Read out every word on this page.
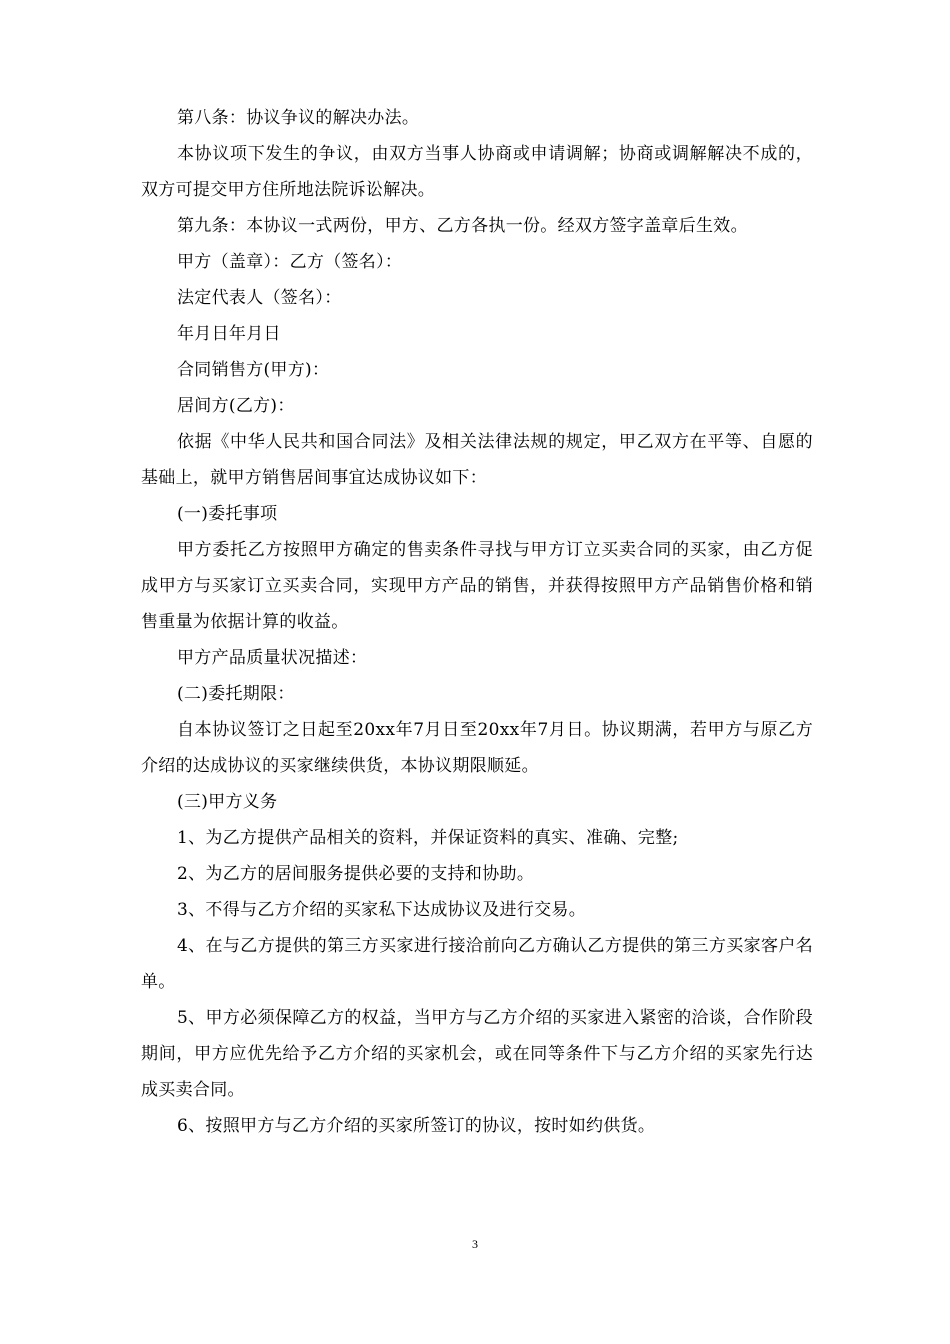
第八条：协议争议的解决办法。

本协议项下发生的争议，由双方当事人协商或申请调解；协商或调解解决不成的，双方可提交甲方住所地法院诉讼解决。

第九条：本协议一式两份，甲方、乙方各执一份。经双方签字盖章后生效。

甲方（盖章）：乙方（签名）：

法定代表人（签名）：

年月日年月日

合同销售方(甲方)：

居间方(乙方)：

依据《中华人民共和国合同法》及相关法律法规的规定，甲乙双方在平等、自愿的基础上，就甲方销售居间事宜达成协议如下：

(一)委托事项

甲方委托乙方按照甲方确定的售卖条件寻找与甲方订立买卖合同的买家，由乙方促成甲方与买家订立买卖合同，实现甲方产品的销售，并获得按照甲方产品销售价格和销售重量为依据计算的收益。

甲方产品质量状况描述：

(二)委托期限：

自本协议签订之日起至20xx年7月日至20xx年7月日。协议期满，若甲方与原乙方介绍的达成协议的买家继续供货，本协议期限顺延。

(三)甲方义务

1、为乙方提供产品相关的资料，并保证资料的真实、准确、完整;

2、为乙方的居间服务提供必要的支持和协助。

3、不得与乙方介绍的买家私下达成协议及进行交易。

4、在与乙方提供的第三方买家进行接洽前向乙方确认乙方提供的第三方买家客户名单。

5、甲方必须保障乙方的权益，当甲方与乙方介绍的买家进入紧密的洽谈，合作阶段期间，甲方应优先给予乙方介绍的买家机会，或在同等条件下与乙方介绍的买家先行达成买卖合同。

6、按照甲方与乙方介绍的买家所签订的协议，按时如约供货。

3
